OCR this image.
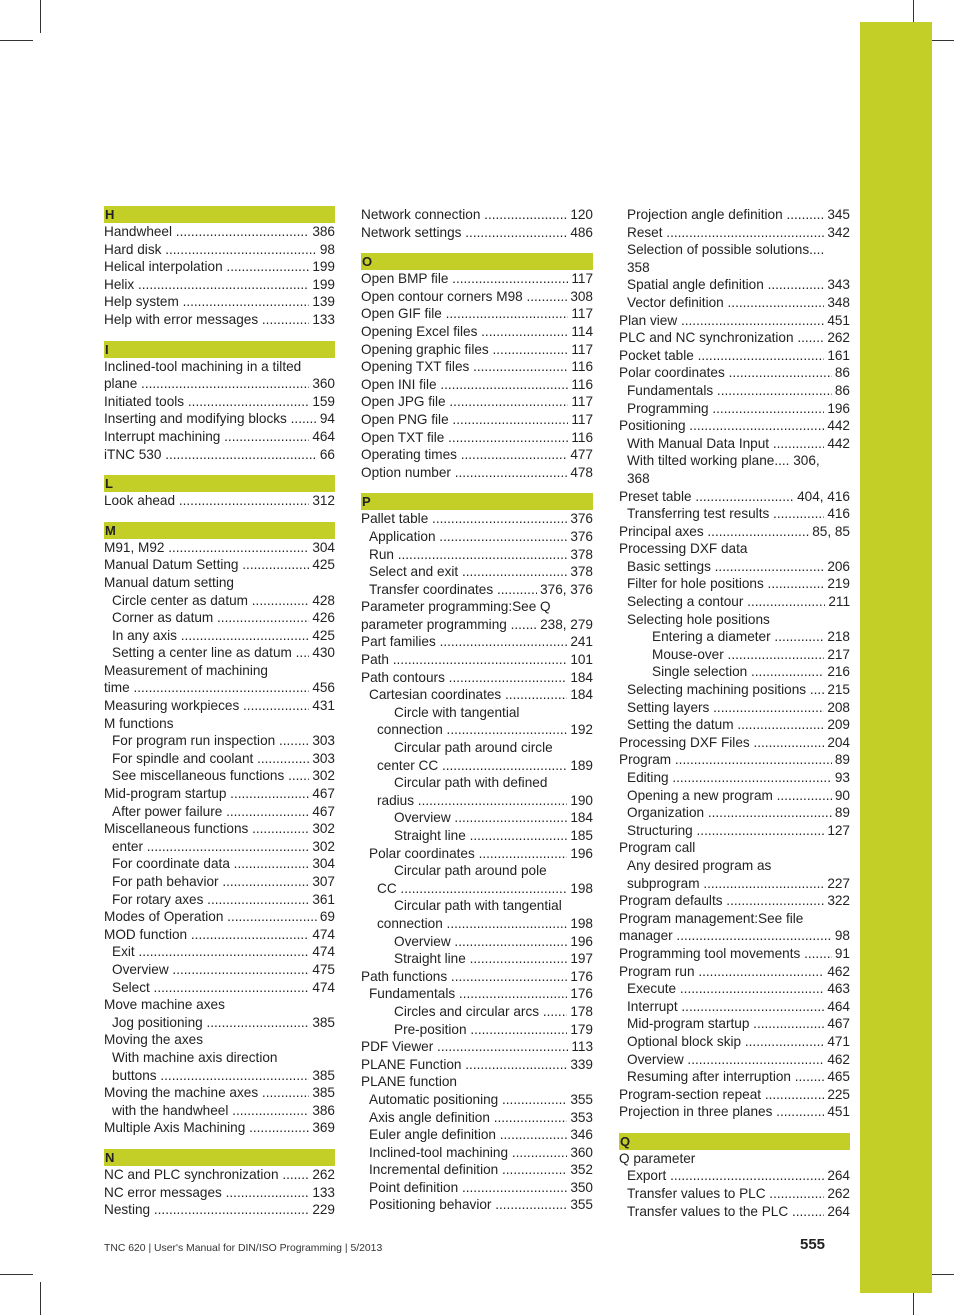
H
Handwheel .....	386
Hard disk .....	98
Helical interpolation .....	199
Helix .....	199
Help system .....	139
Help with error messages .....	133
I
Inclined-tool machining in a tilted
plane .....	360
Initiated tools .....	159
Inserting and modifying blocks .....	94
Interrupt machining .....	464
iTNC 530 .....	66
L
Look ahead .....	312
M
M91, M92 .....	304
Manual Datum Setting .....	425
Manual datum setting
Circle center as datum .....	428
Corner as datum .....	426
In any axis .....	425
Setting a center line as datum .....	430
Measurement of machining
time .....	456
Measuring workpieces .....	431
M functions
For program run inspection .....	303
For spindle and coolant .....	303
See miscellaneous functions .....	302
Mid-program startup .....	467
After power failure .....	467
Miscellaneous functions .....	302
enter .....	302
For coordinate data .....	304
For path behavior .....	307
For rotary axes .....	361
Modes of Operation .....	69
MOD function .....	474
Exit .....	474
Overview .....	475
Select .....	474
Move machine axes
Jog positioning .....	385
Moving the axes
With machine axis direction
buttons .....	385
Moving the machine axes .....	385
with the handwheel .....	386
Multiple Axis Machining .....	369
N
NC and PLC synchronization .....	262
NC error messages .....	133
Nesting .....	229
Network connection .....	120
Network settings .....	486
O
Open BMP file .....	117
Open contour corners M98 .....	308
Open GIF file .....	117
Opening Excel files .....	114
Opening graphic files .....	117
Opening TXT files .....	116
Open INI file .....	116
Open JPG file .....	117
Open PNG file .....	117
Open TXT file .....	116
Operating times .....	477
Option number .....	478
P
Pallet table .....	376
Application .....	376
Run .....	378
Select and exit .....	378
Transfer coordinates .....	376, 376
Parameter programming:See Q
parameter programming .....	238, 279
Part families .....	241
Path .....	101
Path contours .....	184
Cartesian coordinates .....	184
Circle with tangential
connection .....	192
Circular path around circle
center CC .....	189
Circular path with defined
radius .....	190
Overview .....	184
Straight line .....	185
Polar coordinates .....	196
Circular path around pole
CC .....	198
Circular path with tangential
connection .....	198
Overview .....	196
Straight line .....	197
Path functions .....	176
Fundamentals .....	176
Circles and circular arcs .....	178
Pre-position .....	179
PDF Viewer .....	113
PLANE Function .....	339
PLANE function
Automatic positioning .....	355
Axis angle definition .....	353
Euler angle definition .....	346
Inclined-tool machining .....	360
Incremental definition .....	352
Point definition .....	350
Positioning behavior .....	355
Projection angle definition .....	345
Reset .....	342
Selection of possible solutions....
358
Spatial angle definition .....	343
Vector definition .....	348
Plan view .....	451
PLC and NC synchronization .....	262
Pocket table .....	161
Polar coordinates .....	86
Fundamentals .....	86
Programming .....	196
Positioning .....	442
With Manual Data Input .....	442
With tilted working plane.... 306,
368
Preset table .....	404, 416
Transferring test results .....	416
Principal axes .....	85, 85
Processing DXF data
Basic settings .....	206
Filter for hole positions .....	219
Selecting a contour .....	211
Selecting hole positions
Entering a diameter .....	218
Mouse-over .....	217
Single selection .....	216
Selecting machining positions .....	215
Setting layers .....	208
Setting the datum .....	209
Processing DXF Files .....	204
Program .....	89
Editing .....	93
Opening a new program .....	90
Organization .....	89
Structuring .....	127
Program call
Any desired program as
subprogram .....	227
Program defaults .....	322
Program management:See file
manager .....	98
Programming tool movements .....	91
Program run .....	462
Execute .....	463
Interrupt .....	464
Mid-program startup .....	467
Optional block skip .....	471
Overview .....	462
Resuming after interruption .....	465
Program-section repeat .....	225
Projection in three planes .....	451
Q
Q parameter
Export .....	264
Transfer values to PLC .....	262
Transfer values to the PLC .....	264
TNC 620 | User's Manual for DIN/ISO Programming | 5/2013	555
